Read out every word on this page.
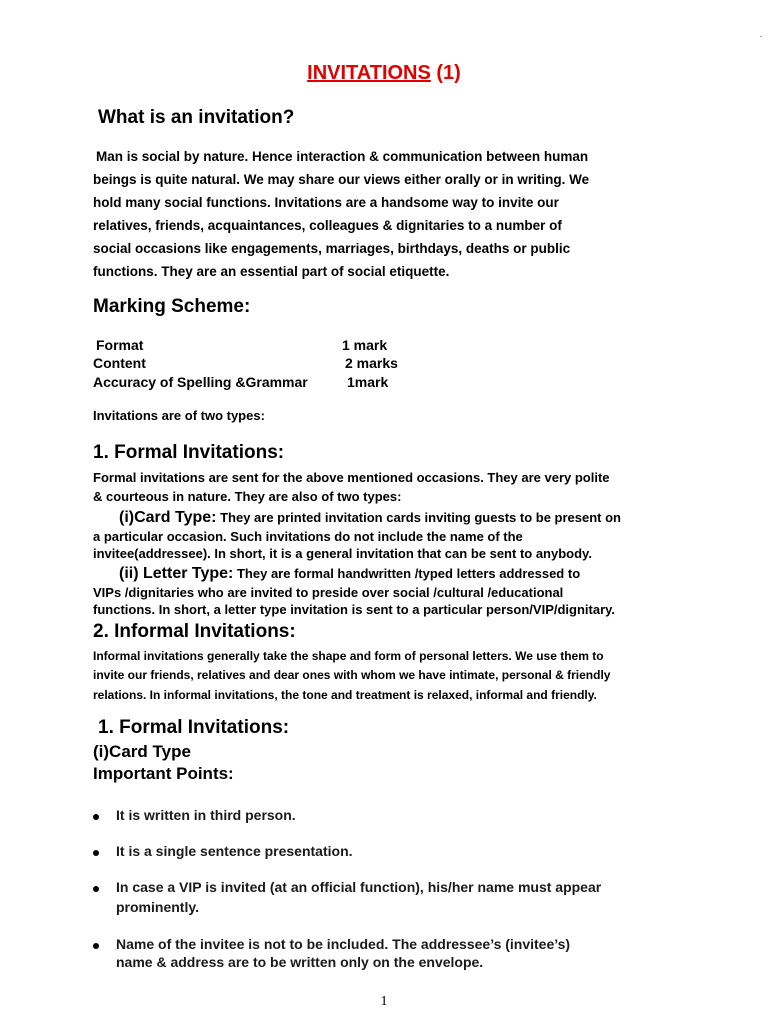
.
INVITATIONS (1)
What is an invitation?
Man is social by nature. Hence interaction & communication between human
beings is quite natural. We may share our views either orally or in writing. We
hold many social functions. Invitations are a handsome way to invite our
relatives, friends, acquaintances, colleagues & dignitaries to a number of
social occasions like engagements, marriages, birthdays, deaths or public
functions. They are an essential part of social etiquette.
Marking Scheme:
Format	1 mark
Content	2 marks
Accuracy of Spelling &Grammar	1mark
Invitations are of two types:
1. Formal Invitations:
Formal invitations are sent for the above mentioned occasions. They are very polite
& courteous in nature. They are also of two types:
(i)Card Type: They are printed invitation cards inviting guests to be present on
a particular occasion. Such invitations do not include the name of the
invitee(addressee). In short, it is a general invitation that can be sent to anybody.
(ii) Letter Type: They are formal handwritten /typed letters addressed to
VIPs /dignitaries who are invited to preside over social /cultural /educational
functions. In short, a letter type invitation is sent to a particular person/VIP/dignitary.
2. Informal Invitations:
Informal invitations generally take the shape and form of personal letters. We use them to
invite our friends, relatives and dear ones with whom we have intimate, personal & friendly
relations. In informal invitations, the tone and treatment is relaxed, informal and friendly.
1. Formal Invitations:
(i)Card Type
Important Points:
It is written in third person.
It is a single sentence presentation.
In case a VIP is invited (at an official function), his/her name must appear
prominently.
Name of the invitee is not to be included. The addressee’s (invitee’s)
name & address are to be written only on the envelope.
1
